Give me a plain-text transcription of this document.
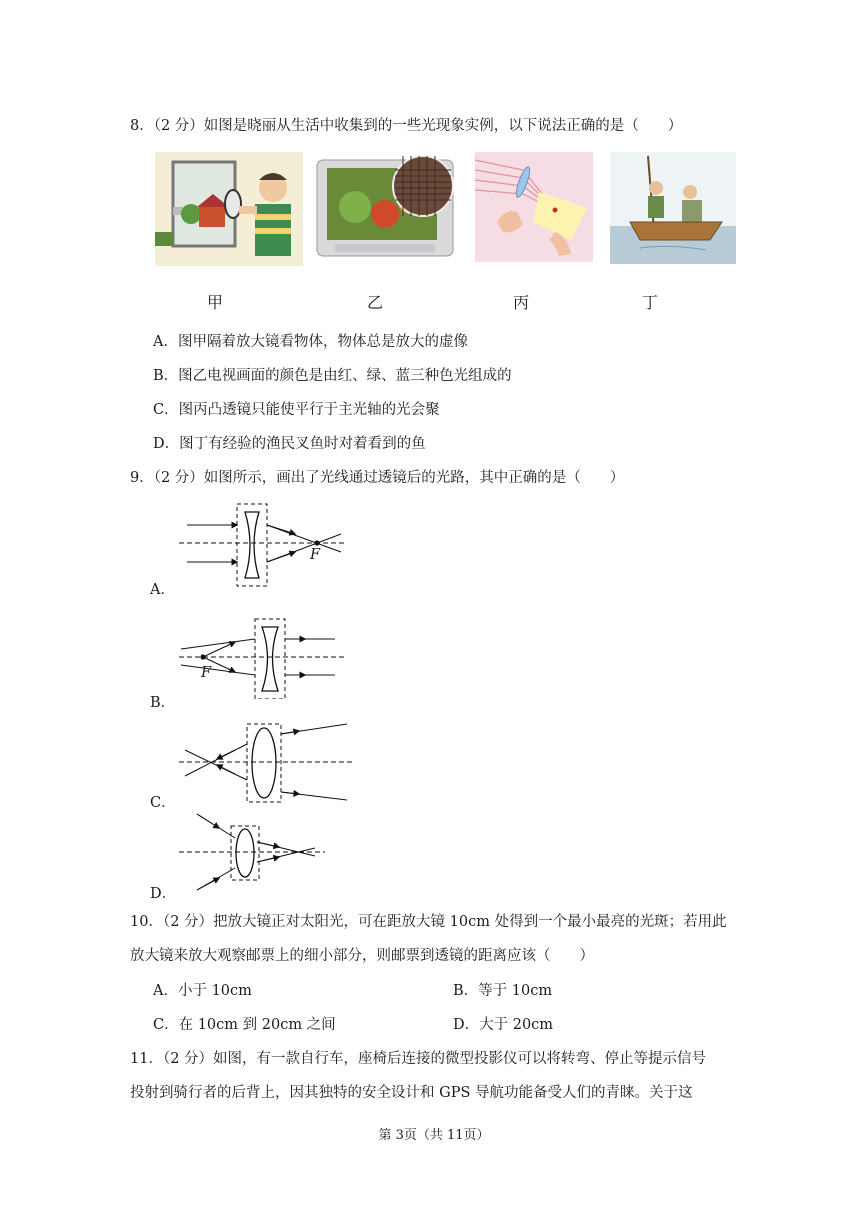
8．（2 分）如图是晓丽从生活中收集到的一些光现象实例，以下说法正确的是（　　）
甲	乙	丙	丁
A．图甲隔着放大镜看物体，物体总是放大的虚像
B．图乙电视画面的颜色是由红、绿、蓝三种色光组成的
C．图丙凸透镜只能使平行于主光轴的光会聚
D．图丁有经验的渔民叉鱼时对着看到的鱼
9．（2 分）如图所示，画出了光线通过透镜后的光路，其中正确的是（　　）
F
A．
F
B．
C．
D．
10．（2 分）把放大镜正对太阳光，可在距放大镜 10cm 处得到一个最小最亮的光斑；若用此
放大镜来放大观察邮票上的细小部分，则邮票到透镜的距离应该（　　）
A．小于 10cm	B．等于 10cm
C．在 10cm 到 20cm 之间	D．大于 20cm
11．（2 分）如图，有一款自行车，座椅后连接的微型投影仪可以将转弯、停止等提示信号
投射到骑行者的后背上，因其独特的安全设计和 GPS 导航功能备受人们的青睐。关于这
第 3页（共 11页）
